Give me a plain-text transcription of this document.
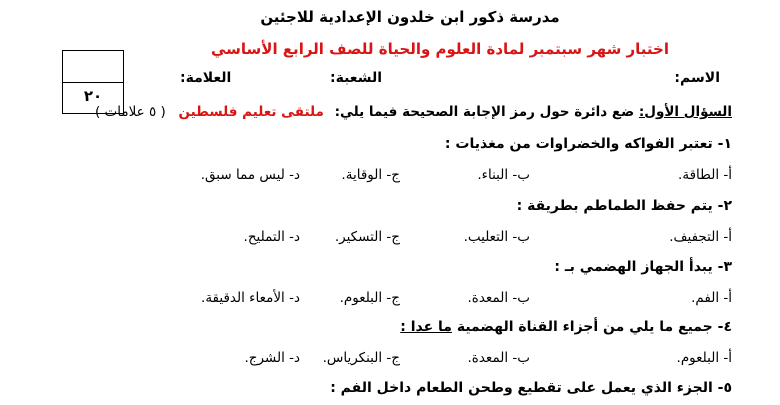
مدرسة ذكور ابن خلدون الإعدادية للاجئين
اختبار شهر سبتمبر لمادة العلوم والحياة للصف الرابع الأساسي
٢٠
الاسم:
الشعبة:
العلامة:
السؤال الأول: ضع دائرة حول رمز الإجابة الصحيحة فيما يلي: ملتقى تعليم فلسطين ( ٥ علامات )
١- تعتبر الفواكه والخضراوات من مغذيات :
أ- الطاقة.
ب- البناء.
ج- الوقاية.
د- ليس مما سبق.
٢- يتم حفظ الطماطم بطريقة :
أ- التجفيف.
ب- التعليب.
ج- التسكير.
د- التمليح.
٣- يبدأ الجهاز الهضمي بـ :
أ- الفم.
ب- المعدة.
ج- البلعوم.
د- الأمعاء الدقيقة.
٤- جميع ما يلي من أجزاء القناة الهضمية ما عدا :
أ- البلعوم.
ب- المعدة.
ج- البنكرياس.
د- الشرج.
٥- الجزء الذي يعمل على تقطيع وطحن الطعام داخل الفم :
